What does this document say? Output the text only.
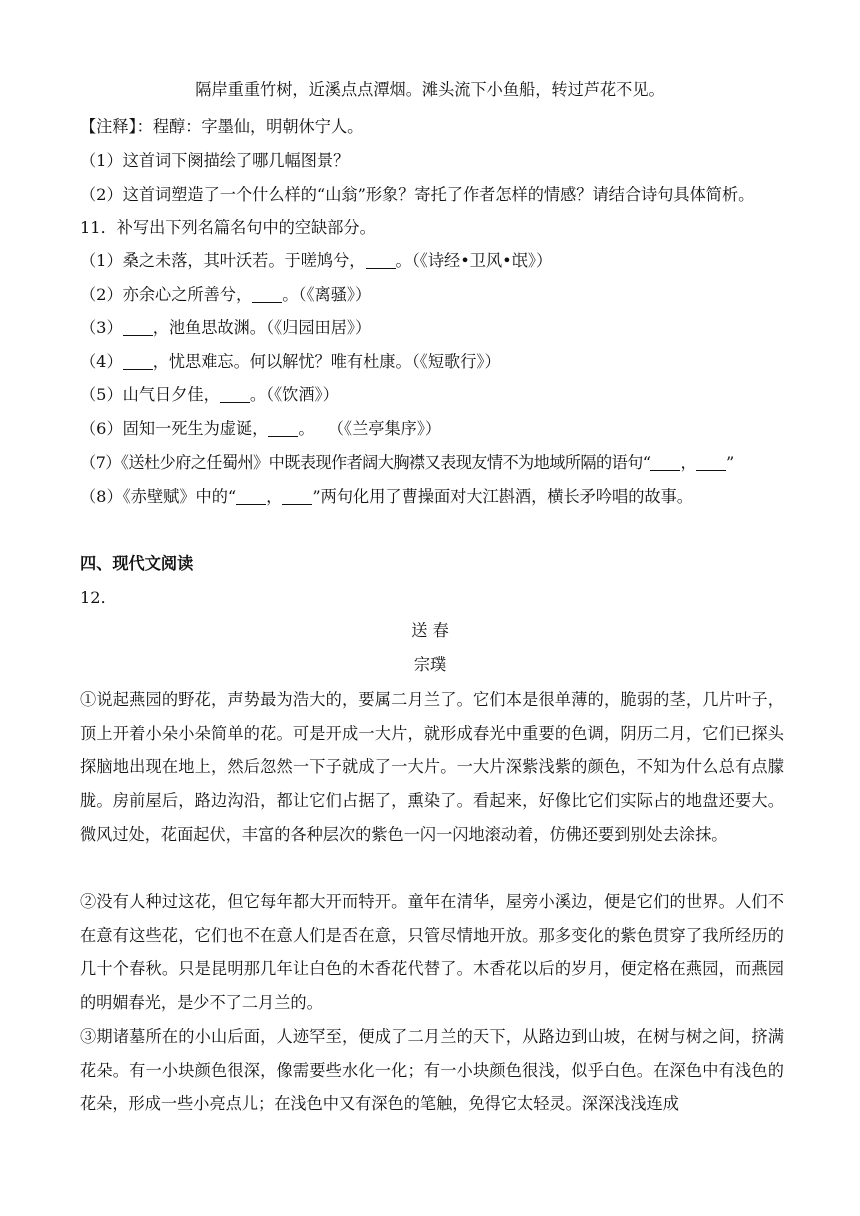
隔岸重重竹树，近溪点点潭烟。滩头流下小鱼船，转过芦花不见。
【注释】：程醇：字墨仙，明朝休宁人。
（1）这首词下阕描绘了哪几幅图景？
（2）这首词塑造了一个什么样的“山翁”形象？寄托了作者怎样的情感？请结合诗句具体简析。
11．补写出下列名篇名句中的空缺部分。
（1）桑之未落，其叶沃若。于嗟鸠兮， 。（《诗经•卫风•氓》）
（2）亦余心之所善兮， 。（《离骚》）
（3） ，池鱼思故渊。（《归园田居》）
（4） ，忧思难忘。何以解忧？唯有杜康。（《短歌行》）
（5）山气日夕佳， 。（《饮酒》）
（6）固知一死生为虚诞， 。　 （《兰亭集序》）
（7）《送杜少府之任蜀州》中既表现作者阔大胸襟又表现友情不为地域所隔的语句“ ， ”
（8）《赤壁赋》中的“ ， ”两句化用了曹操面对大江斟酒，横长矛吟唱的故事。
四、现代文阅读
12．
送 春
宗璞
①说起燕园的野花，声势最为浩大的，要属二月兰了。它们本是很单薄的，脆弱的茎，几片叶子，顶上开着小朵小朵简单的花。可是开成一大片，就形成春光中重要的色调，阴历二月，它们已探头探脑地出现在地上，然后忽然一下子就成了一大片。一大片深紫浅紫的颜色，不知为什么总有点朦胧。房前屋后，路边沟沿，都让它们占据了，熏染了。看起来，好像比它们实际占的地盘还要大。微风过处，花面起伏，丰富的各种层次的紫色一闪一闪地滚动着，仿佛还要到别处去涂抹。
②没有人种过这花，但它每年都大开而特开。童年在清华，屋旁小溪边，便是它们的世界。人们不在意有这些花，它们也不在意人们是否在意，只管尽情地开放。那多变化的紫色贯穿了我所经历的几十个春秋。只是昆明那几年让白色的木香花代替了。木香花以后的岁月，便定格在燕园，而燕园的明媚春光，是少不了二月兰的。
③期诸墓所在的小山后面，人迹罕至，便成了二月兰的天下，从路边到山坡，在树与树之间，挤满花朵。有一小块颜色很深，像需要些水化一化；有一小块颜色很浅，似乎白色。在深色中有浅色的花朵，形成一些小亮点儿；在浅色中又有深色的笔触，免得它太轻灵。深深浅浅连成
